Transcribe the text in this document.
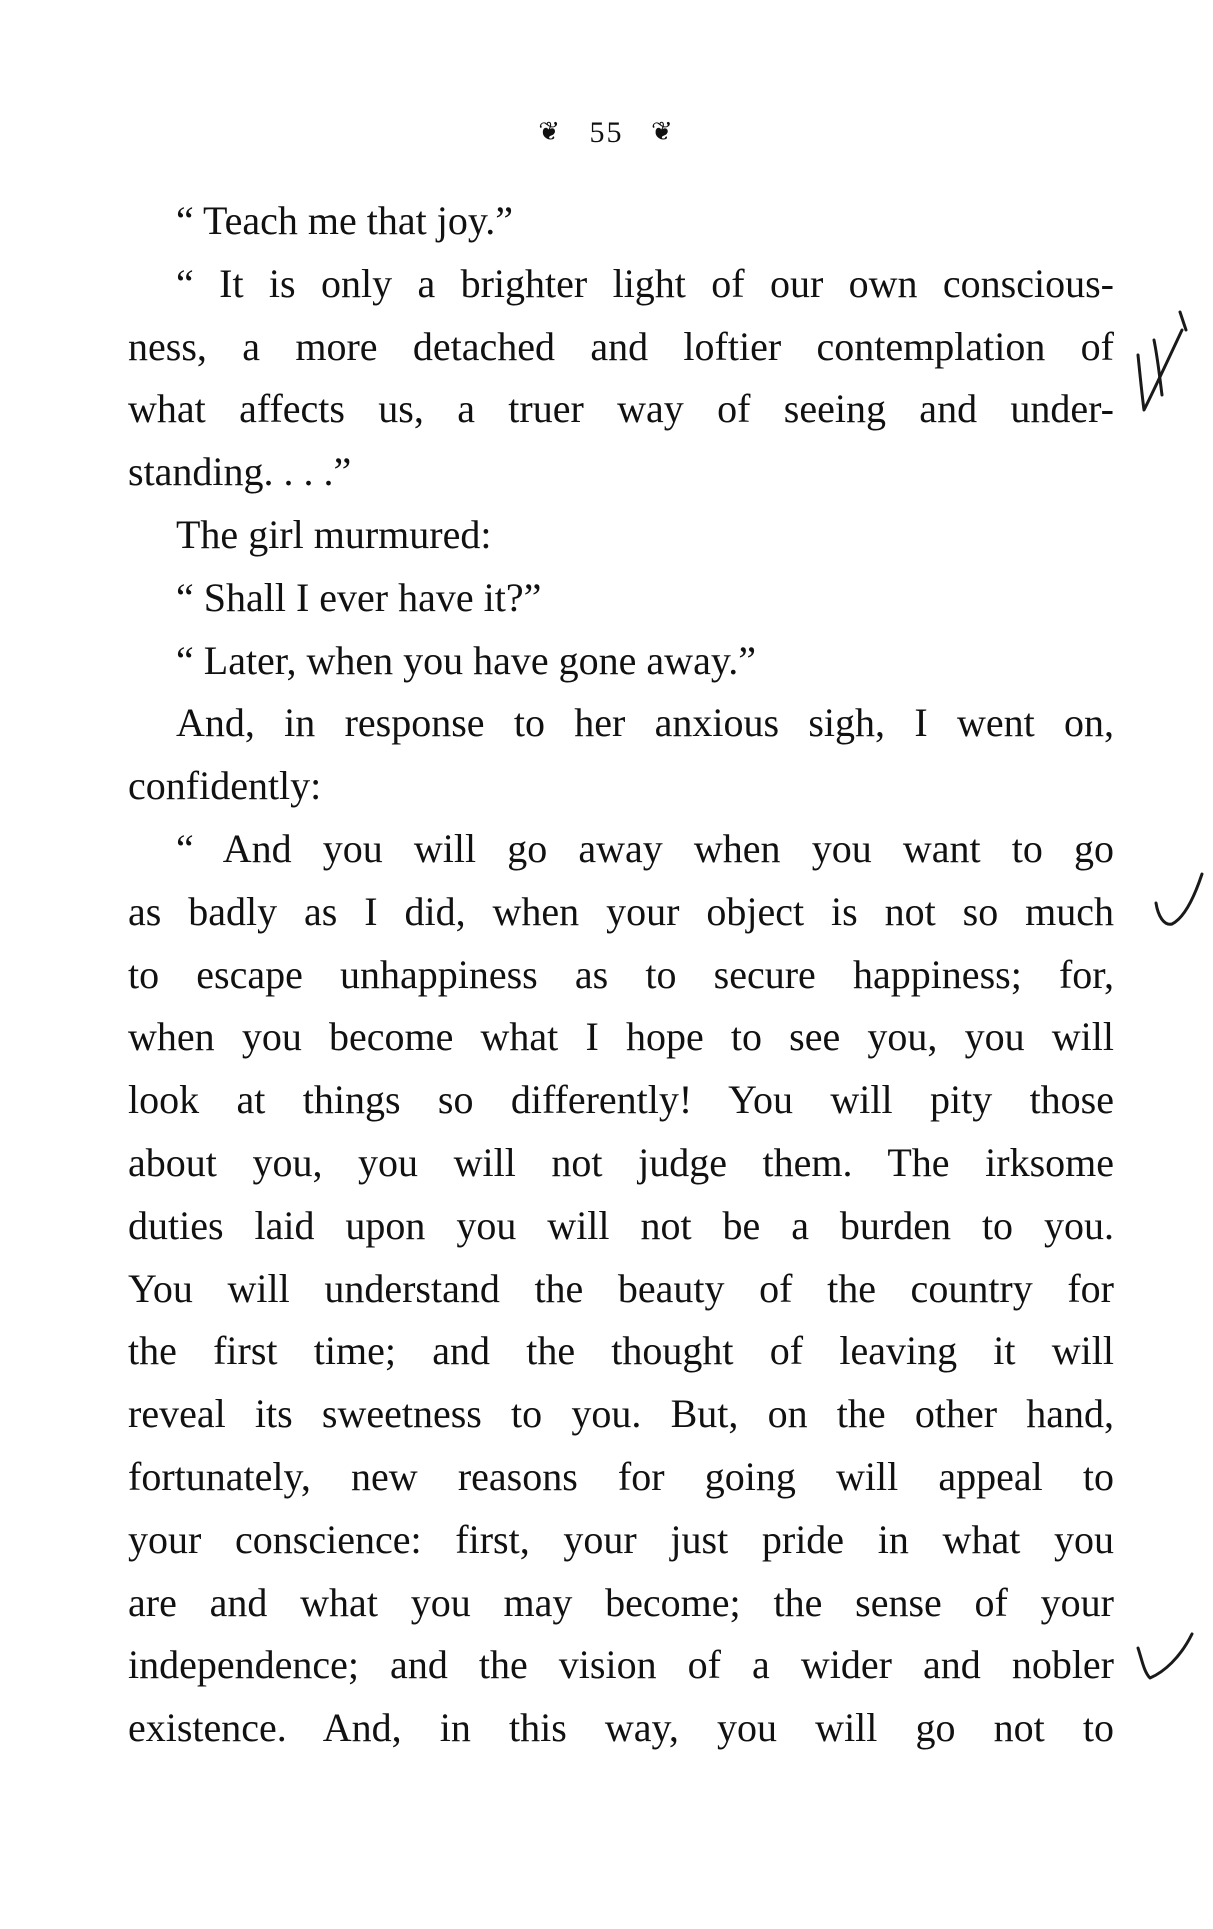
❦ 55 ❦
“ Teach me that joy.”
“ It is only a brighter light of our own conscious-
ness, a more detached and loftier contemplation of
what affects us, a truer way of seeing and under-
standing. . . .”
The girl murmured:
“ Shall I ever have it?”
“ Later, when you have gone away.”
And, in response to her anxious sigh, I went on,
confidently:
“ And you will go away when you want to go
as badly as I did, when your object is not so much
to escape unhappiness as to secure happiness; for,
when you become what I hope to see you, you will
look at things so differently! You will pity those
about you, you will not judge them. The irksome
duties laid upon you will not be a burden to you.
You will understand the beauty of the country for
the first time; and the thought of leaving it will
reveal its sweetness to you. But, on the other hand,
fortunately, new reasons for going will appeal to
your conscience: first, your just pride in what you
are and what you may become; the sense of your
independence; and the vision of a wider and nobler
existence. And, in this way, you will go not to
